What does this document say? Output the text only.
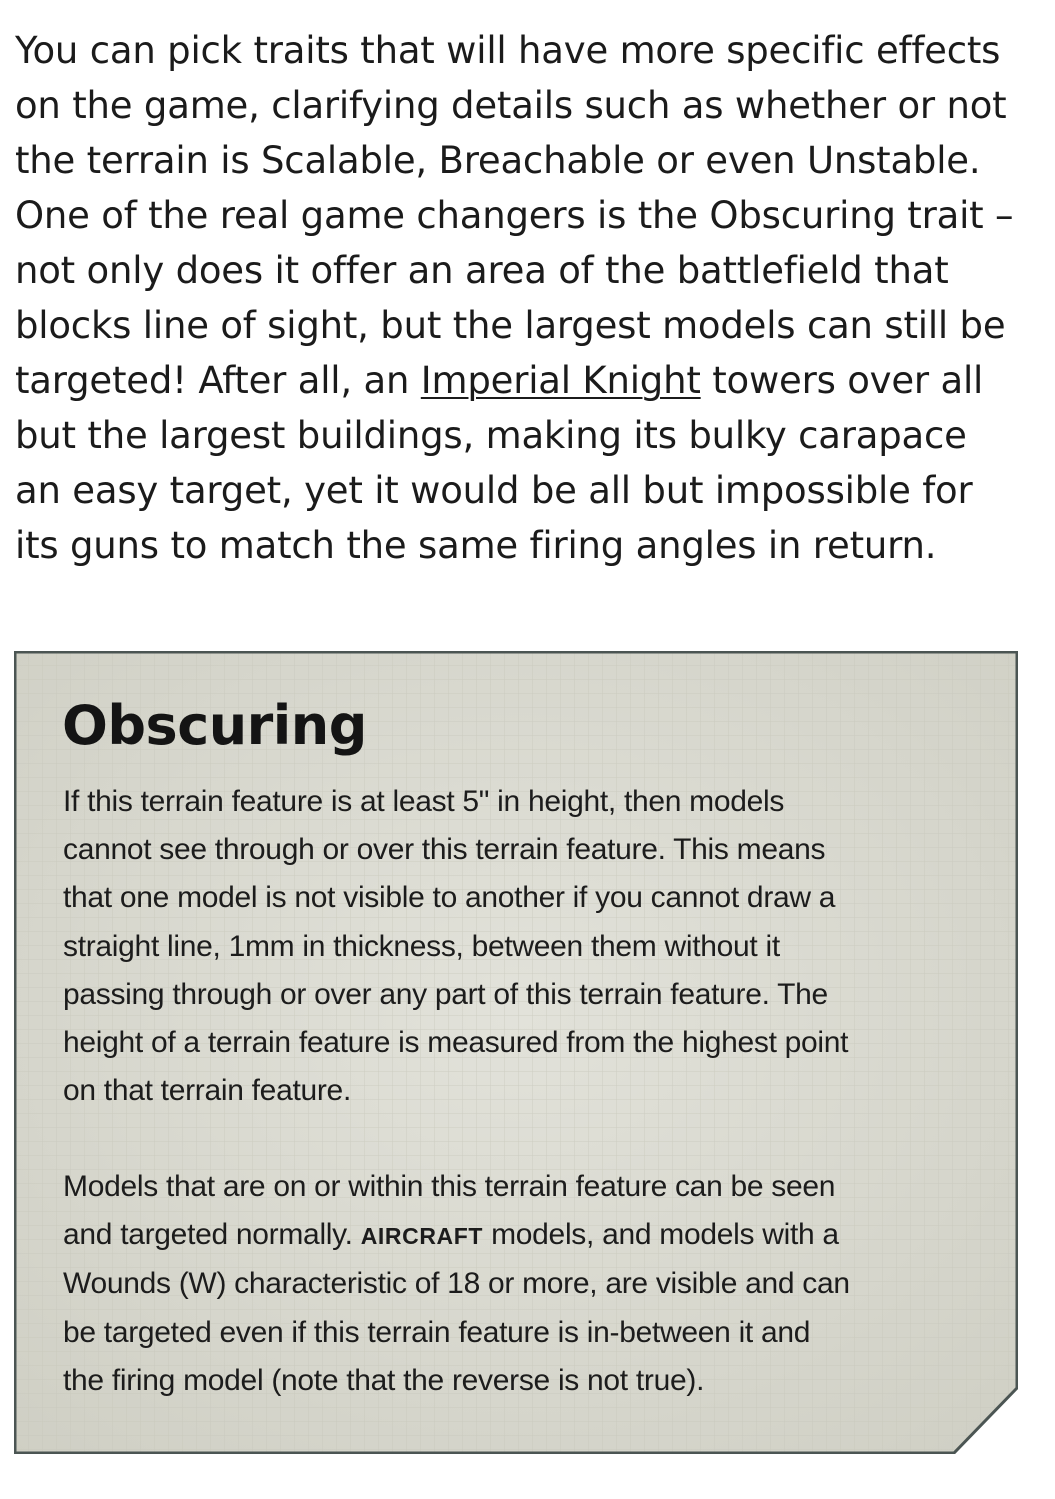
You can pick traits that will have more specific effects
on the game, clarifying details such as whether or not
the terrain is Scalable, Breachable or even Unstable.
One of the real game changers is the Obscuring trait –
not only does it offer an area of the battlefield that
blocks line of sight, but the largest models can still be
targeted! After all, an Imperial Knight towers over all
but the largest buildings, making its bulky carapace
an easy target, yet it would be all but impossible for
its guns to match the same firing angles in return.
Obscuring

If this terrain feature is at least 5" in height, then models
cannot see through or over this terrain feature. This means
that one model is not visible to another if you cannot draw a
straight line, 1mm in thickness, between them without it
passing through or over any part of this terrain feature. The
height of a terrain feature is measured from the highest point
on that terrain feature.

Models that are on or within this terrain feature can be seen
and targeted normally. AIRCRAFT models, and models with a
Wounds (W) characteristic of 18 or more, are visible and can
be targeted even if this terrain feature is in-between it and
the firing model (note that the reverse is not true).
